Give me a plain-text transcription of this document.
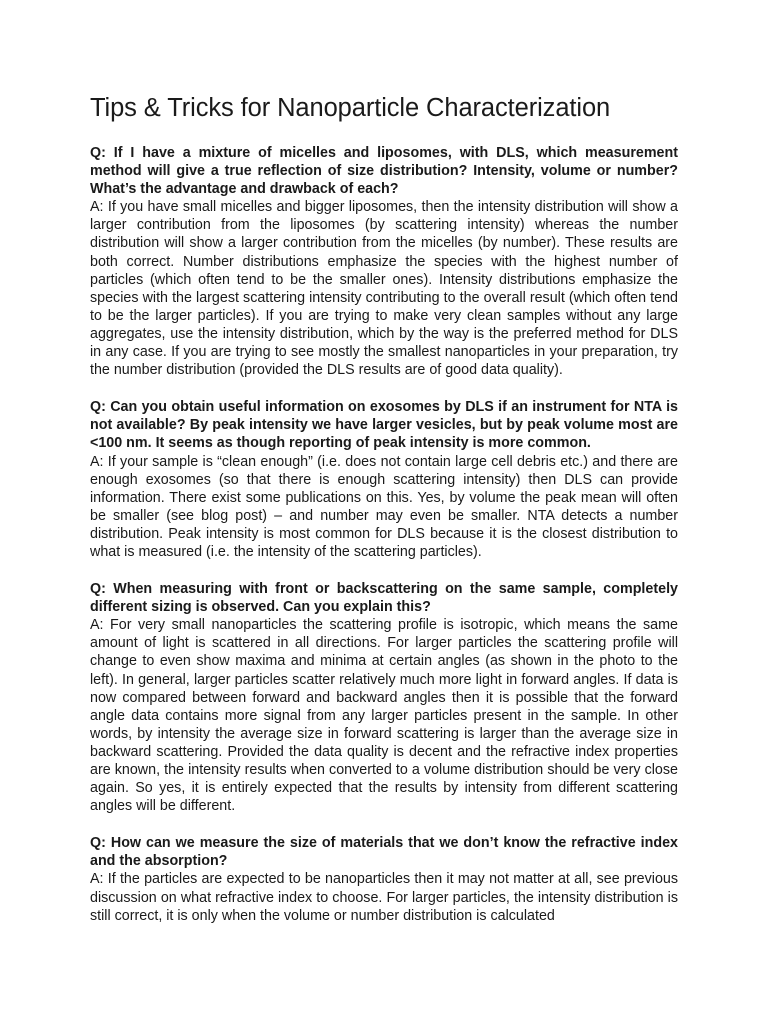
Tips & Tricks for Nanoparticle Characterization

Q: If I have a mixture of micelles and liposomes, with DLS, which measurement method will give a true reflection of size distribution? Intensity, volume or number? What’s the advantage and drawback of each?

A: If you have small micelles and bigger liposomes, then the intensity distribution will show a larger contribution from the liposomes (by scattering intensity) whereas the number distribution will show a larger contribution from the micelles (by number). These results are both correct. Number distributions emphasize the species with the highest number of particles (which often tend to be the smaller ones). Intensity distributions emphasize the species with the largest scattering intensity contributing to the overall result (which often tend to be the larger particles). If you are trying to make very clean samples without any large aggregates, use the intensity distribution, which by the way is the preferred method for DLS in any case. If you are trying to see mostly the smallest nanoparticles in your preparation, try the number distribution (provided the DLS results are of good data quality).

Q: Can you obtain useful information on exosomes by DLS if an instrument for NTA is not available? By peak intensity we have larger vesicles, but by peak volume most are <100 nm. It seems as though reporting of peak intensity is more common.

A: If your sample is “clean enough” (i.e. does not contain large cell debris etc.) and there are enough exosomes (so that there is enough scattering intensity) then DLS can provide information. There exist some publications on this. Yes, by volume the peak mean will often be smaller (see blog post) – and number may even be smaller. NTA detects a number distribution. Peak intensity is most common for DLS because it is the closest distribution to what is measured (i.e. the intensity of the scattering particles).

Q: When measuring with front or backscattering on the same sample, completely different sizing is observed. Can you explain this?

A: For very small nanoparticles the scattering profile is isotropic, which means the same amount of light is scattered in all directions. For larger particles the scattering profile will change to even show maxima and minima at certain angles (as shown in the photo to the left). In general, larger particles scatter relatively much more light in forward angles. If data is now compared between forward and backward angles then it is possible that the forward angle data contains more signal from any larger particles present in the sample. In other words, by intensity the average size in forward scattering is larger than the average size in backward scattering. Provided the data quality is decent and the refractive index properties are known, the intensity results when converted to a volume distribution should be very close again. So yes, it is entirely expected that the results by intensity from different scattering angles will be different.

Q: How can we measure the size of materials that we don’t know the refractive index and the absorption?

A: If the particles are expected to be nanoparticles then it may not matter at all, see previous discussion on what refractive index to choose. For larger particles, the intensity distribution is still correct, it is only when the volume or number distribution is calculated
